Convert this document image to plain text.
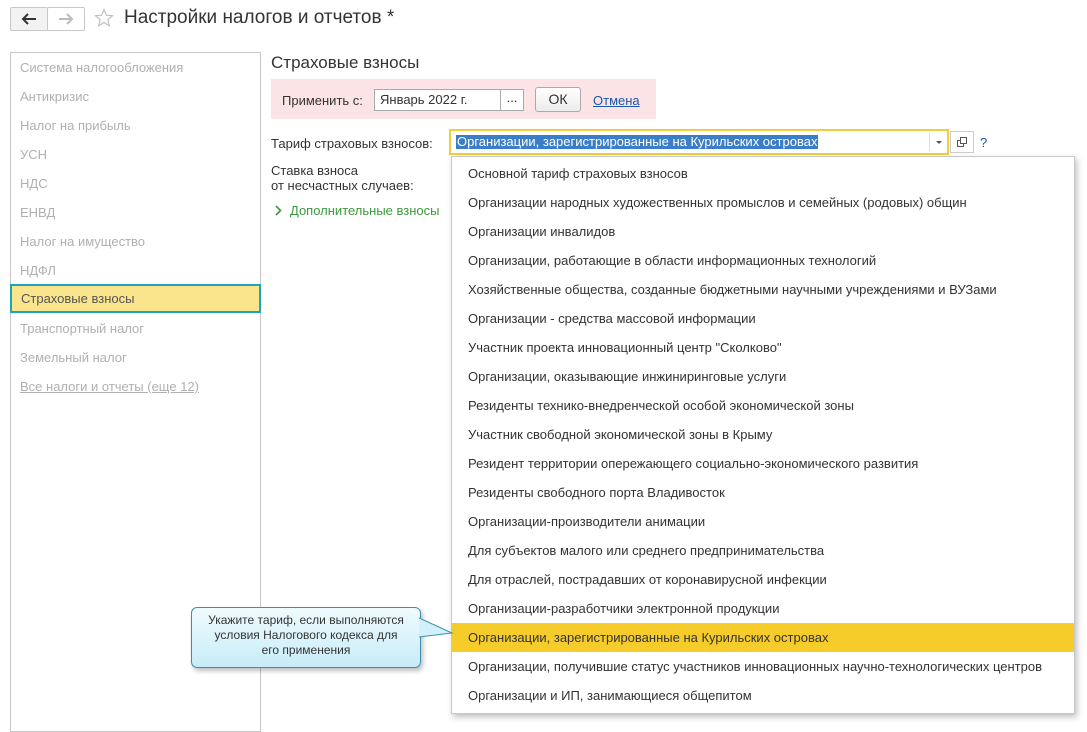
Настройки налогов и отчетов *
Система налогообложения
Антикризис
Налог на прибыль
УСН
НДС
ЕНВД
Налог на имущество
НДФЛ
Страховые взносы
Транспортный налог
Земельный налог
Все налоги и отчеты (еще 12)
Страховые взносы
Применить с:	Январь 2022 г.	...	ОК	Отмена
Тариф страховых взносов: Организации, зарегистрированные на Курильских островах	?
Ставка взноса
от несчастных случаев:
Дополнительные взносы
Основной тариф страховых взносов
Организации народных художественных промыслов и семейных (родовых) общин
Организации инвалидов
Организации, работающие в области информационных технологий
Хозяйственные общества, созданные бюджетными научными учреждениями и ВУЗами
Организации - средства массовой информации
Участник проекта инновационный центр "Сколково"
Организации, оказывающие инжиниринговые услуги
Резиденты технико-внедренческой особой экономической зоны
Участник свободной экономической зоны в Крыму
Резидент территории опережающего социально-экономического развития
Резиденты свободного порта Владивосток
Организации-производители анимации
Для субъектов малого или среднего предпринимательства
Для отраслей, пострадавших от коронавирусной инфекции
Организации-разработчики электронной продукции
Организации, зарегистрированные на Курильских островах
Организации, получившие статус участников инновационных научно-технологических центров
Организации и ИП, занимающиеся общепитом
Укажите тариф, если выполняются
условия Налогового кодекса для
его применения
